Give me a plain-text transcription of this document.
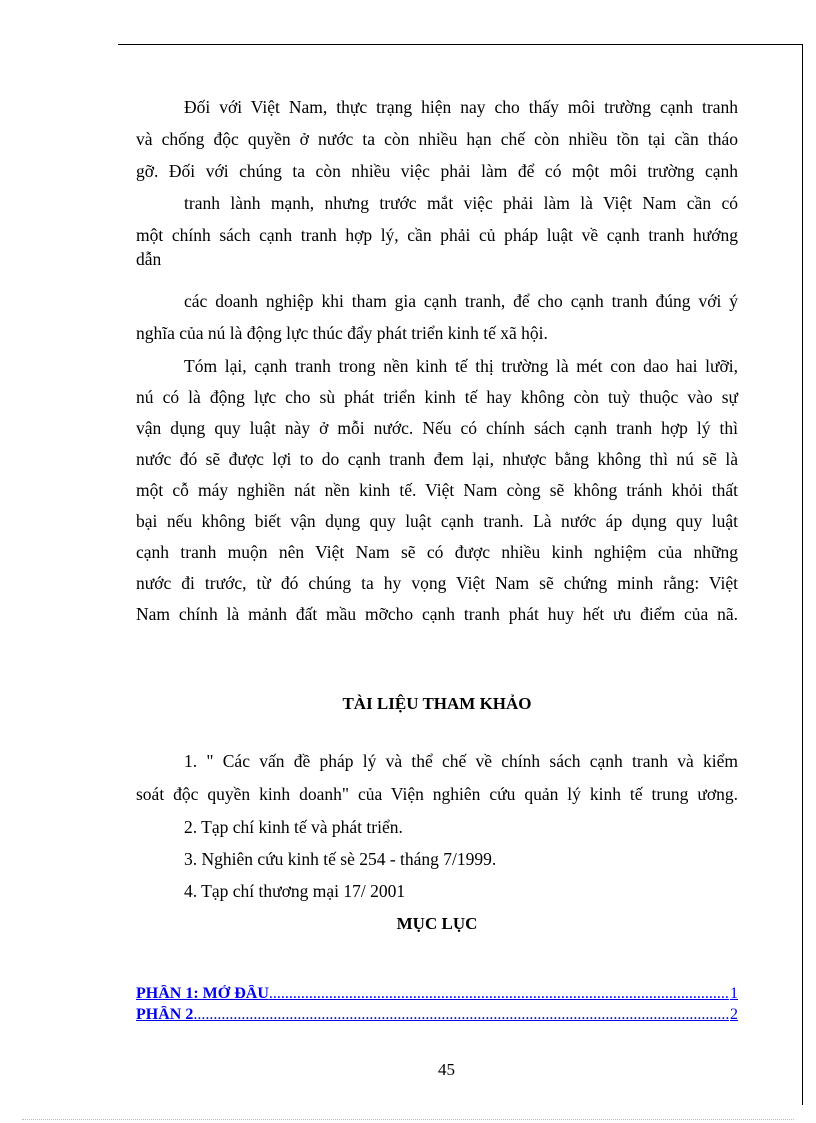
Đối với Việt Nam, thực trạng hiện nay cho thấy môi trường cạnh tranh
và chống độc quyền ở nước ta còn nhiều hạn chế còn nhiều tồn tại cần tháo
gỡ. Đối với chúng ta còn nhiều việc phải làm để có một môi trường cạnh
tranh lành mạnh, nhưng trước mắt việc phải làm là Việt Nam cần có
một chính sách cạnh tranh hợp lý, cần phải củ pháp luật về cạnh tranh hướng
dẫn
các doanh nghiệp khi tham gia cạnh tranh, để cho cạnh tranh đúng với ý
nghĩa của nú là động lực thúc đẩy phát triển kinh tế xã hội.
Tóm lại, cạnh tranh trong nền kinh tế thị trường là mét con dao hai lưỡi,
nú có là động lực cho sù phát triển kinh tế hay không còn tuỳ thuộc vào sự
vận dụng quy luật này ở mỗi nước. Nếu có chính sách cạnh tranh hợp lý thì
nước đó sẽ được lợi to do cạnh tranh đem lại, nhược bằng không thì nú sẽ là
một cỗ máy nghiền nát nền kinh tế. Việt Nam còng sẽ không tránh khỏi thất
bại nếu không biết vận dụng quy luật cạnh tranh. Là nước áp dụng quy luật
cạnh tranh muộn nên Việt Nam sẽ có được nhiều kinh nghiệm của những
nước đi trước, từ đó chúng ta hy vọng Việt Nam sẽ chứng minh rằng: Việt
Nam chính là mảnh đất mầu mỡcho cạnh tranh phát huy hết ưu điểm của nã.
TÀI LIỆU THAM KHẢO
1. " Các vấn đề pháp lý và thể chế về chính sách cạnh tranh và kiểm
soát độc quyền kinh doanh" của Viện nghiên cứu quản lý kinh tế trung ương.
2. Tạp chí kinh tế và phát triển.
3. Nghiên cứu kinh tế sè 254 - tháng 7/1999.
4. Tạp chí thương mại 17/ 2001
MỤC LỤC
PHẦN 1: MỞ ĐẦU .....	1
PHẦN 2 .....	2
45
